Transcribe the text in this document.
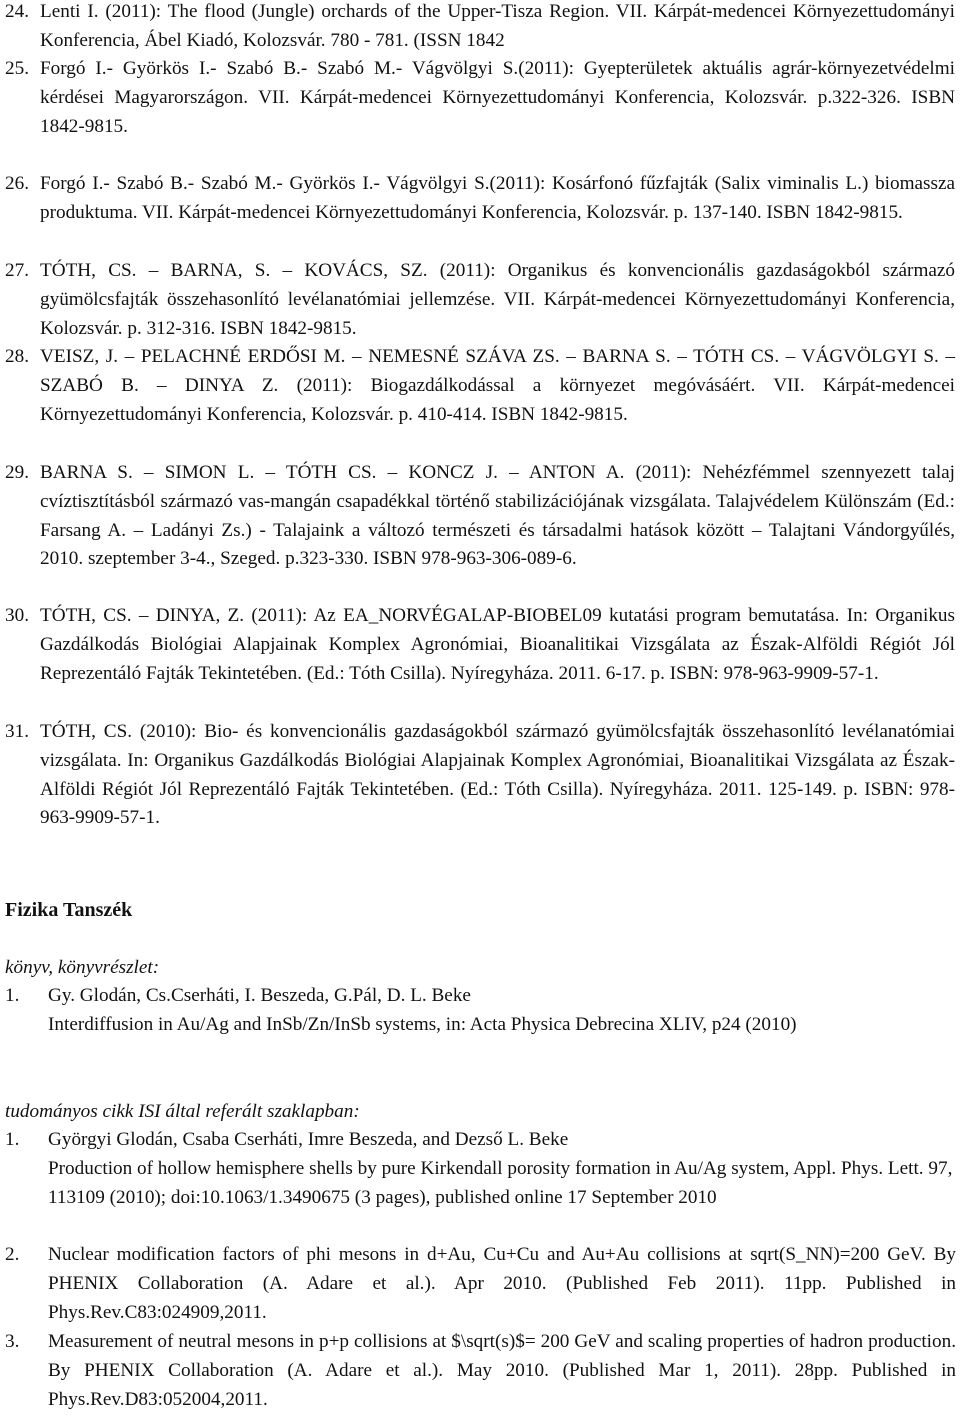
24. Lenti I. (2011): The flood (Jungle) orchards of the Upper-Tisza Region. VII. Kárpát-medencei Környezettudományi Konferencia, Ábel Kiadó, Kolozsvár. 780 - 781. (ISSN 1842
25. Forgó I.- Györkös I.- Szabó B.- Szabó M.- Vágvölgyi S.(2011): Gyepterületek aktuális agrár-környezetvédelmi kérdései Magyarországon. VII. Kárpát-medencei Környezettudományi Konferencia, Kolozsvár. p.322-326. ISBN 1842-9815.
26. Forgó I.- Szabó B.- Szabó M.- Györkös I.- Vágvölgyi S.(2011): Kosárfonó fűzfajták (Salix viminalis L.) biomassza produktuma. VII. Kárpát-medencei Környezettudományi Konferencia, Kolozsvár. p. 137-140. ISBN 1842-9815.
27. TÓTH, CS. – BARNA, S. – KOVÁCS, SZ. (2011): Organikus és konvencionális gazdaságokból származó gyümölcsfajták összehasonlító levélanatómiai jellemzése. VII. Kárpát-medencei Környezettudományi Konferencia, Kolozsvár. p. 312-316. ISBN 1842-9815.
28. VEISZ, J. – PELACHNÉ ERDŐSI M. – NEMESNÉ SZÁVA ZS. – BARNA S. – TÓTH CS. – VÁGVÖLGYI S. – SZABÓ B. – DINYA Z. (2011): Biogazdálkodással a környezet megóvásáért. VII. Kárpát-medencei Környezettudományi Konferencia, Kolozsvár. p. 410-414. ISBN 1842-9815.
29. BARNA S. – SIMON L. – TÓTH CS. – KONCZ J. – ANTON A. (2011): Nehézfémmel szennyezett talaj cvíztisztításból származó vas-mangán csapadékkal történő stabilizációjának vizsgálata. Talajvédelem Különszám (Ed.: Farsang A. – Ladányi Zs.) - Talajaink a változó természeti és társadalmi hatások között – Talajtani Vándorgyűlés, 2010. szeptember 3-4., Szeged. p.323-330. ISBN 978-963-306-089-6.
30. TÓTH, CS. – DINYA, Z. (2011): Az EA_NORVÉGALAP-BIOBEL09 kutatási program bemutatása. In: Organikus Gazdálkodás Biológiai Alapjainak Komplex Agronómiai, Bioanalitikai Vizsgálata az Észak-Alföldi Régiót Jól Reprezentáló Fajták Tekintetében. (Ed.: Tóth Csilla). Nyíregyháza. 2011. 6-17. p. ISBN: 978-963-9909-57-1.
31. TÓTH, CS. (2010): Bio- és konvencionális gazdaságokból származó gyümölcsfajták összehasonlító levélanatómiai vizsgálata. In: Organikus Gazdálkodás Biológiai Alapjainak Komplex Agronómiai, Bioanalitikai Vizsgálata az Észak-Alföldi Régiót Jól Reprezentáló Fajták Tekintetében. (Ed.: Tóth Csilla). Nyíregyháza. 2011. 125-149. p. ISBN: 978-963-9909-57-1.
Fizika Tanszék
könyv, könyvrészlet:
1. Gy. Glodán, Cs.Cserháti, I. Beszeda, G.Pál, D. L. Beke
Interdiffusion in Au/Ag and InSb/Zn/InSb systems, in: Acta Physica Debrecina XLIV, p24 (2010)
tudományos cikk ISI által referált szaklapban:
1. Györgyi Glodán, Csaba Cserháti, Imre Beszeda, and Dezső L. Beke
Production of hollow hemisphere shells by pure Kirkendall porosity formation in Au/Ag system, Appl. Phys. Lett. 97, 113109 (2010); doi:10.1063/1.3490675 (3 pages), published online 17 September 2010
2. Nuclear modification factors of phi mesons in d+Au, Cu+Cu and Au+Au collisions at sqrt(S_NN)=200 GeV. By PHENIX Collaboration (A. Adare et al.). Apr 2010. (Published Feb 2011). 11pp. Published in Phys.Rev.C83:024909,2011.
3. Measurement of neutral mesons in p+p collisions at $\sqrt(s)$= 200 GeV and scaling properties of hadron production. By PHENIX Collaboration (A. Adare et al.). May 2010. (Published Mar 1, 2011). 28pp. Published in Phys.Rev.D83:052004,2011.
